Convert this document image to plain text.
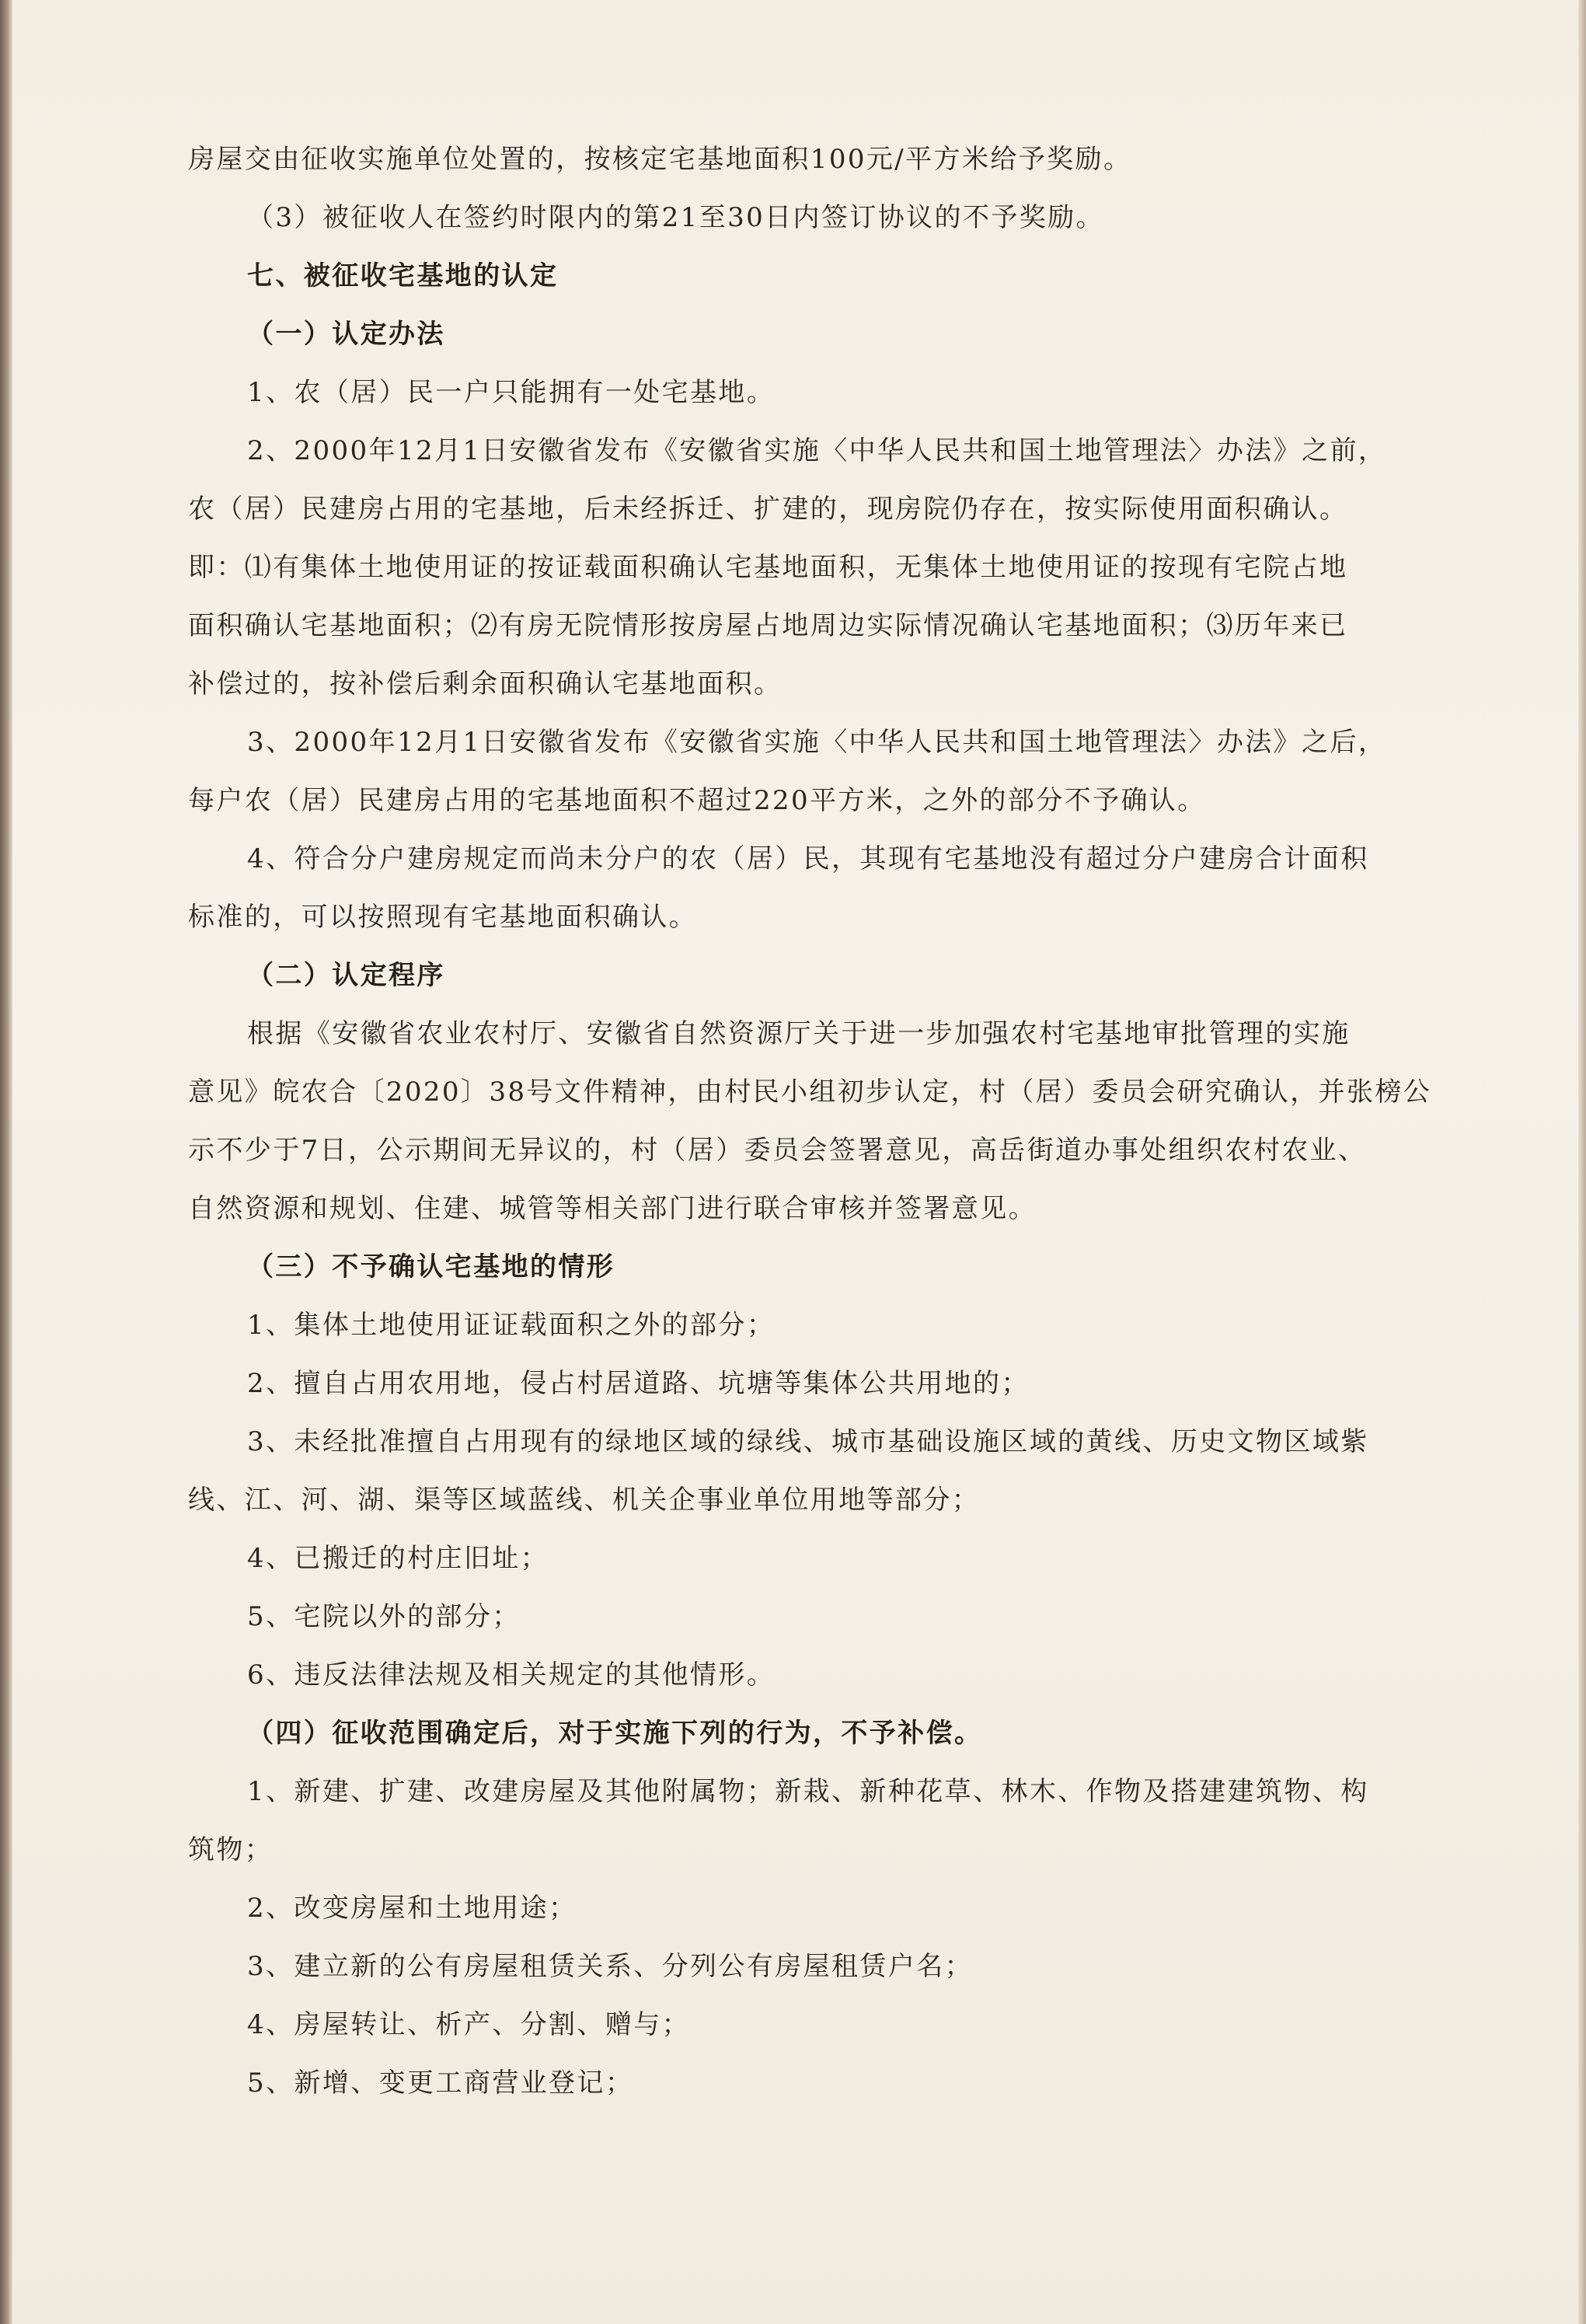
房屋交由征收实施单位处置的，按核定宅基地面积100元/平方米给予奖励。
（3）被征收人在签约时限内的第21至30日内签订协议的不予奖励。
七、被征收宅基地的认定
（一）认定办法
1、农（居）民一户只能拥有一处宅基地。
2、2000年12月1日安徽省发布《安徽省实施〈中华人民共和国土地管理法〉办法》之前，
农（居）民建房占用的宅基地，后未经拆迁、扩建的，现房院仍存在，按实际使用面积确认。
即：⑴有集体土地使用证的按证载面积确认宅基地面积，无集体土地使用证的按现有宅院占地
面积确认宅基地面积；⑵有房无院情形按房屋占地周边实际情况确认宅基地面积；⑶历年来已
补偿过的，按补偿后剩余面积确认宅基地面积。
3、2000年12月1日安徽省发布《安徽省实施〈中华人民共和国土地管理法〉办法》之后，
每户农（居）民建房占用的宅基地面积不超过220平方米，之外的部分不予确认。
4、符合分户建房规定而尚未分户的农（居）民，其现有宅基地没有超过分户建房合计面积
标准的，可以按照现有宅基地面积确认。
（二）认定程序
根据《安徽省农业农村厅、安徽省自然资源厅关于进一步加强农村宅基地审批管理的实施
意见》皖农合〔2020〕38号文件精神，由村民小组初步认定，村（居）委员会研究确认，并张榜公
示不少于7日，公示期间无异议的，村（居）委员会签署意见，高岳街道办事处组织农村农业、
自然资源和规划、住建、城管等相关部门进行联合审核并签署意见。
（三）不予确认宅基地的情形
1、集体土地使用证证载面积之外的部分；
2、擅自占用农用地，侵占村居道路、坑塘等集体公共用地的；
3、未经批准擅自占用现有的绿地区域的绿线、城市基础设施区域的黄线、历史文物区域紫
线、江、河、湖、渠等区域蓝线、机关企事业单位用地等部分；
4、已搬迁的村庄旧址；
5、宅院以外的部分；
6、违反法律法规及相关规定的其他情形。
（四）征收范围确定后，对于实施下列的行为，不予补偿。
1、新建、扩建、改建房屋及其他附属物；新栽、新种花草、林木、作物及搭建建筑物、构
筑物；
2、改变房屋和土地用途；
3、建立新的公有房屋租赁关系、分列公有房屋租赁户名；
4、房屋转让、析产、分割、赠与；
5、新增、变更工商营业登记；
